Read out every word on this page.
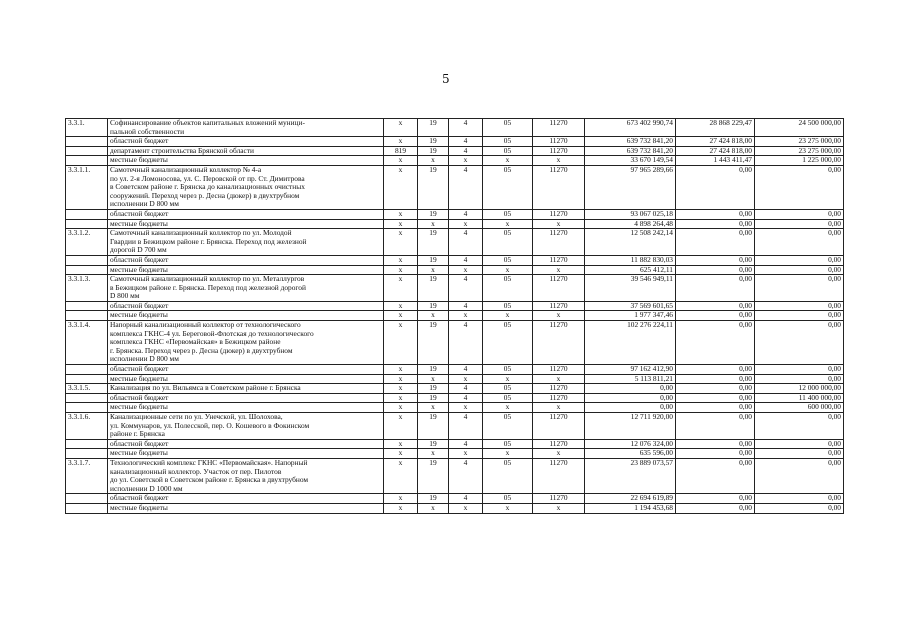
5
3.3.1.	Софинансирование объектов капитальных вложений муници-
пальной собственности	х	19	4	05	11270	673 402 990,74	28 868 229,47	24 500 000,00

	областной бюджет	х	19	4	05	11270	639 732 841,20	27 424 818,00	23 275 000,00

	департамент строительства Брянской области	819	19	4	05	11270	639 732 841,20	27 424 818,00	23 275 000,00

	местные бюджеты	х	х	х	х	х	33 670 149,54	1 443 411,47	1 225 000,00
3.3.1.1.	Самотечный канализационный коллектор № 4-а
по ул. 2-я Ломоносова, ул. С. Перовской от пр. Ст. Димитрова
в Советском районе г. Брянска до канализационных очистных
сооружений. Переход через р. Десна (дюкер) в двухтрубном
исполнении D 800 мм	х	19	4	05	11270	97 965 289,66	0,00	0,00

	областной бюджет	х	19	4	05	11270	93 067 025,18	0,00	0,00

	местные бюджеты	х	х	х	х	х	4 898 264,48	0,00	0,00
3.3.1.2.	Самотечный канализационный коллектор по ул. Молодой
Гвардии в Бежицком районе г. Брянска. Переход под железной
дорогой D 700 мм	х	19	4	05	11270	12 508 242,14	0,00	0,00

	областной бюджет	х	19	4	05	11270	11 882 830,03	0,00	0,00

	местные бюджеты	х	х	х	х	х	625 412,11	0,00	0,00
3.3.1.3.	Самотечный канализационный коллектор по ул. Металлургов
в Бежицком районе г. Брянска. Переход под железной дорогой
D 800 мм	х	19	4	05	11270	39 546 949,11	0,00	0,00

	областной бюджет	х	19	4	05	11270	37 569 601,65	0,00	0,00

	местные бюджеты	х	х	х	х	х	1 977 347,46	0,00	0,00
3.3.1.4.	Напорный канализационный коллектор от технологического
комплекса ГКНС-4 ул. Береговой-Флотская до технологического
комплекса ГКНС «Первомайская» в Бежицком районе
г. Брянска. Переход через р. Десна (дюкер) в двухтрубном
исполнении D 800 мм	х	19	4	05	11270	102 276 224,11	0,00	0,00

	областной бюджет	х	19	4	05	11270	97 162 412,90	0,00	0,00

	местные бюджеты	х	х	х	х	х	5 113 811,21	0,00	0,00
3.3.1.5.	Канализация по ул. Вильямса в Советском районе г. Брянска	х	19	4	05	11270	0,00	0,00	12 000 000,00

	областной бюджет	х	19	4	05	11270	0,00	0,00	11 400 000,00

	местные бюджеты	х	х	х	х	х	0,00	0,00	600 000,00
3.3.1.6.	Канализационные сети по ул. Унечской, ул. Шолохова,
ул. Коммунаров, ул. Полесской, пер. О. Кошевого в Фокинском
районе г. Брянска	х	19	4	05	11270	12 711 920,00	0,00	0,00

	областной бюджет	х	19	4	05	11270	12 076 324,00	0,00	0,00

	местные бюджеты	х	х	х	х	х	635 596,00	0,00	0,00
3.3.1.7.	Технологический комплекс ГКНС «Первомайская». Напорный
канализационный коллектор. Участок от пер. Пилотов
до ул. Советской в Советском районе г. Брянска в двухтрубном
исполнении D 1000 мм	х	19	4	05	11270	23 889 073,57	0,00	0,00

	областной бюджет	х	19	4	05	11270	22 694 619,89	0,00	0,00

	местные бюджеты	х	х	х	х	х	1 194 453,68	0,00	0,00
